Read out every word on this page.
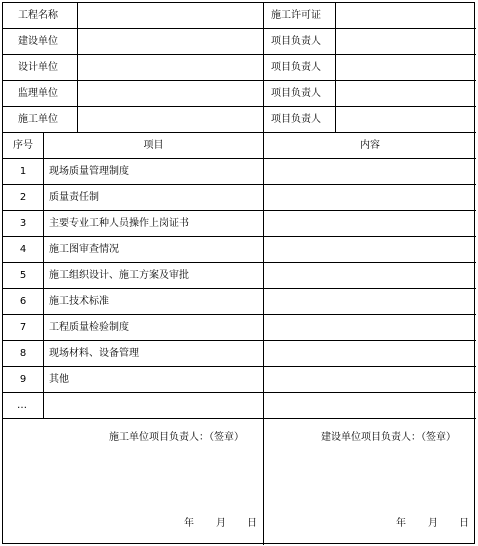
工程名称	施工许可证
建设单位	项目负责人
设计单位	项目负责人
监理单位	项目负责人
施工单位	项目负责人
序号	项目	内容
1	现场质量管理制度
2	质量责任制
3	主要专业工种人员操作上岗证书
4	施工图审查情况
5	施工组织设计、施工方案及审批
6	施工技术标准
7	工程质量检验制度
8	现场材料、设备管理
9	其他
…
施工单位项目负责人：（签章）	建设单位项目负责人：（签章）
年 月 日	年 月 日
